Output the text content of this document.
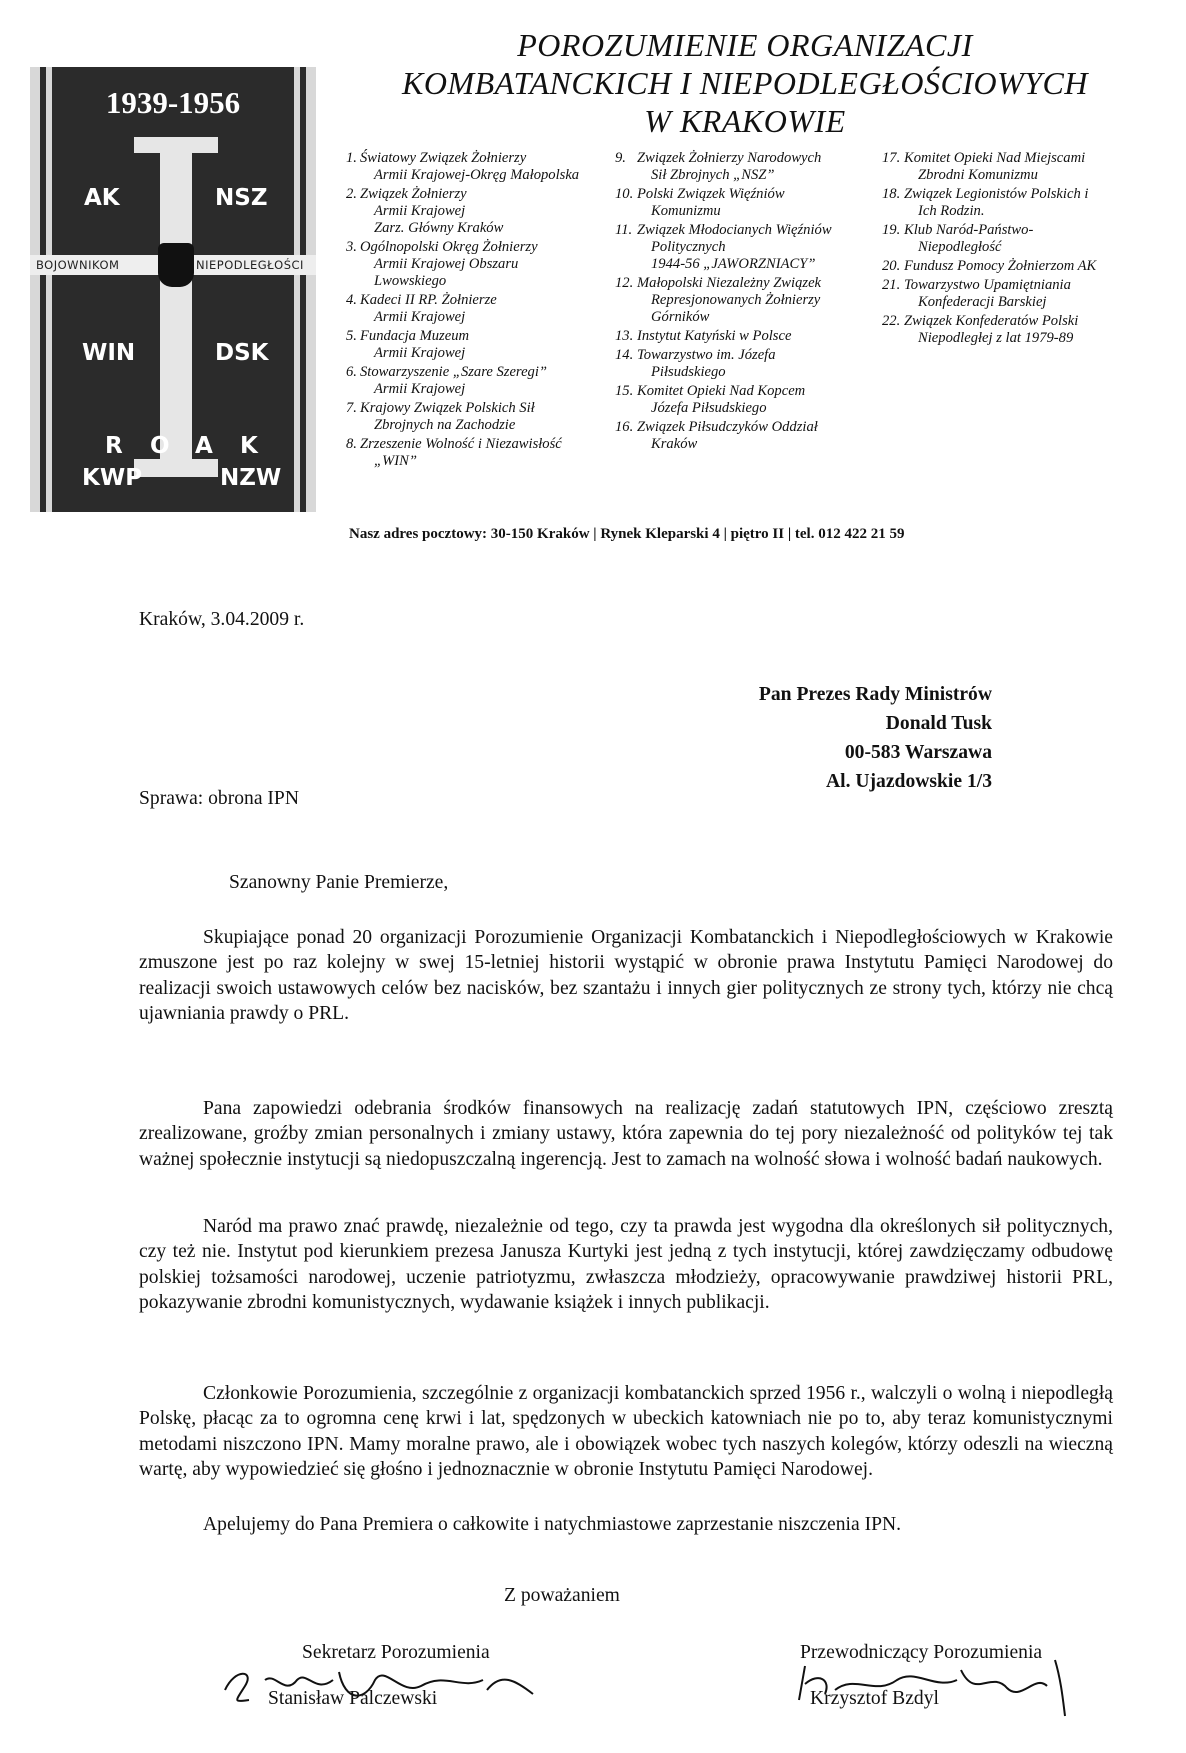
1939-1956
BOJOWNIKOM	NIEPODLEGŁOŚCI
AK	NSZ
WIN	DSK
R O A K
KWP	NZW
POROZUMIENIE ORGANIZACJI
KOMBATANCKICH I NIEPODLEGŁOŚCIOWYCH
W KRAKOWIE
1. Światowy Związek Żołnierzy
Armii Krajowej-Okręg Małopolska
2. Związek Żołnierzy
Armii Krajowej
Zarz. Główny Kraków
3. Ogólnopolski Okręg Żołnierzy
Armii Krajowej Obszaru
Lwowskiego
4. Kadeci II RP. Żołnierze
Armii Krajowej
5. Fundacja Muzeum
Armii Krajowej
6. Stowarzyszenie „Szare Szeregi”
Armii Krajowej
7. Krajowy Związek Polskich Sił
Zbrojnych na Zachodzie
8. Zrzeszenie Wolność i Niezawisłość
„WIN”
9. Związek Żołnierzy Narodowych
Sił Zbrojnych „NSZ”
10. Polski Związek Więźniów
Komunizmu
11. Związek Młodocianych Więźniów
Politycznych
1944-56 „JAWORZNIACY”
12. Małopolski Niezależny Związek
Represjonowanych Żołnierzy
Górników
13. Instytut Katyński w Polsce
14. Towarzystwo im. Józefa
Piłsudskiego
15. Komitet Opieki Nad Kopcem
Józefa Piłsudskiego
16. Związek Piłsudczyków Oddział
Kraków
17. Komitet Opieki Nad Miejscami
Zbrodni Komunizmu
18. Związek Legionistów Polskich i
Ich Rodzin.
19. Klub Naród-Państwo-
Niepodległość
20. Fundusz Pomocy Żołnierzom AK
21. Towarzystwo Upamiętniania
Konfederacji Barskiej
22. Związek Konfederatów Polski
Niepodległej z lat 1979-89
Nasz adres pocztowy: 30-150 Kraków | Rynek Kleparski 4 | piętro II | tel. 012 422 21 59
Kraków, 3.04.2009 r.
Pan Prezes Rady Ministrów
Donald Tusk
00-583 Warszawa
Al. Ujazdowskie 1/3
Sprawa: obrona IPN
Szanowny Panie Premierze,
Skupiające ponad 20 organizacji Porozumienie Organizacji Kombatanckich i Niepodległościowych w Krakowie zmuszone jest po raz kolejny w swej 15-letniej historii wystąpić w obronie prawa Instytutu Pamięci Narodowej do realizacji swoich ustawowych celów bez nacisków, bez szantażu i innych gier politycznych ze strony tych, którzy nie chcą ujawniania prawdy o PRL.
Pana zapowiedzi odebrania środków finansowych na realizację zadań statutowych IPN, częściowo zresztą zrealizowane, groźby zmian personalnych i zmiany ustawy, która zapewnia do tej pory niezależność od polityków tej tak ważnej społecznie instytucji są niedopuszczalną ingerencją. Jest to zamach na wolność słowa i wolność badań naukowych.
Naród ma prawo znać prawdę, niezależnie od tego, czy ta prawda jest wygodna dla określonych sił politycznych, czy też nie. Instytut pod kierunkiem prezesa Janusza Kurtyki jest jedną z tych instytucji, której zawdzięczamy odbudowę polskiej tożsamości narodowej, uczenie patriotyzmu, zwłaszcza młodzieży, opracowywanie prawdziwej historii PRL, pokazywanie zbrodni komunistycznych, wydawanie książek i innych publikacji.
Członkowie Porozumienia, szczególnie z organizacji kombatanckich sprzed 1956 r., walczyli o wolną i niepodległą Polskę, płacąc za to ogromna cenę krwi i lat, spędzonych w ubeckich katowniach nie po to, aby teraz komunistycznymi metodami niszczono IPN. Mamy moralne prawo, ale i obowiązek wobec tych naszych kolegów, którzy odeszli na wieczną wartę, aby wypowiedzieć się głośno i jednoznacznie w obronie Instytutu Pamięci Narodowej.
Apelujemy do Pana Premiera o całkowite i natychmiastowe zaprzestanie niszczenia IPN.
Z poważaniem
Sekretarz Porozumienia
Stanisław Palczewski
Przewodniczący Porozumienia
Krzysztof Bzdyl
